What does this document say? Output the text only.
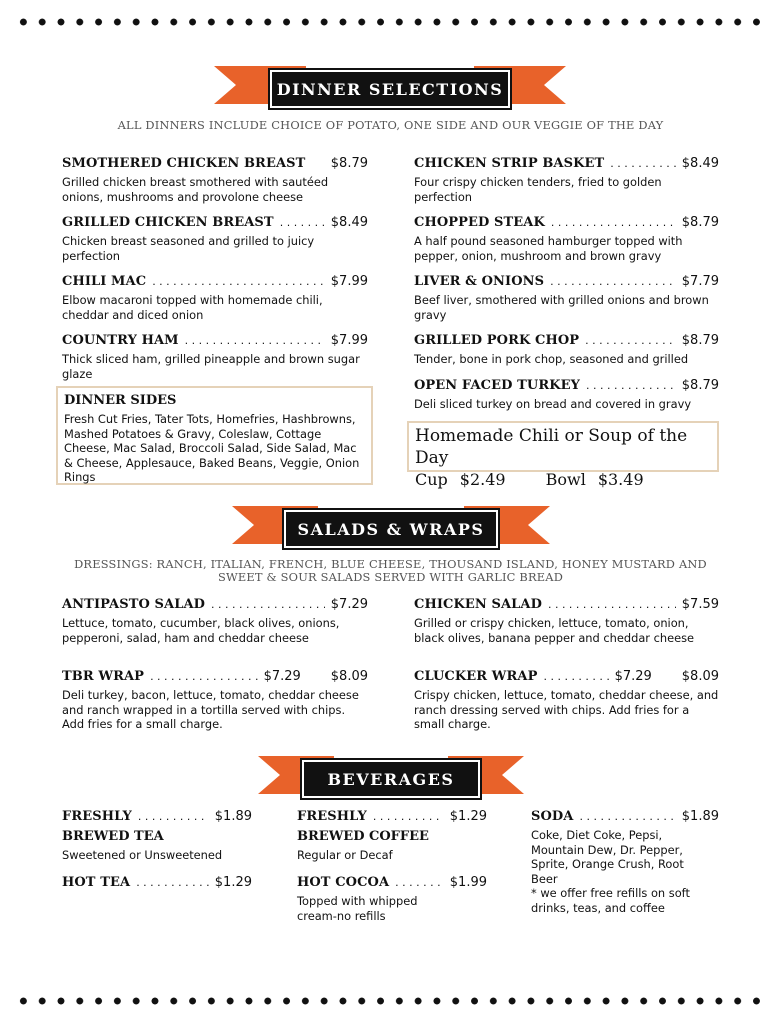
DINNER SELECTIONS
ALL DINNERS INCLUDE CHOICE OF POTATO, ONE SIDE AND OUR VEGGIE OF THE DAY
SMOTHERED CHICKEN BREAST $8.79
Grilled chicken breast smothered with sautéed onions, mushrooms and provolone cheese
GRILLED CHICKEN BREAST . . .	$8.49
Chicken breast seasoned and grilled to juicy perfection
CHILI MAC . . .	$7.99
Elbow macaroni topped with homemade chili, cheddar and diced onion
COUNTRY HAM . . .	$7.99
Thick sliced ham, grilled pineapple and brown sugar glaze
DINNER SIDES
Fresh Cut Fries, Tater Tots, Homefries, Hashbrowns, Mashed Potatoes & Gravy, Coleslaw, Cottage Cheese, Mac Salad, Broccoli Salad, Side Salad, Mac & Cheese, Applesauce, Baked Beans, Veggie, Onion Rings
CHICKEN STRIP BASKET . . .	$8.49
Four crispy chicken tenders, fried to golden perfection
CHOPPED STEAK . . .	$8.79
A half pound seasoned hamburger topped with pepper, onion, mushroom and brown gravy
LIVER & ONIONS . . .	$7.79
Beef liver, smothered with grilled onions and brown gravy
GRILLED PORK CHOP . . .	$8.79
Tender, bone in pork chop, seasoned and grilled
OPEN FACED TURKEY . . .	$8.79
Deli sliced turkey on bread and covered in gravy
Homemade Chili or Soup of the Day
Cup $2.49	Bowl $3.49
SALADS & WRAPS
DRESSINGS: RANCH, ITALIAN, FRENCH, BLUE CHEESE, THOUSAND ISLAND, HONEY MUSTARD AND SWEET & SOUR SALADS SERVED WITH GARLIC BREAD
ANTIPASTO SALAD . . .	$7.29
Lettuce, tomato, cucumber, black olives, onions, pepperoni, salad, ham and cheddar cheese
TBR WRAP . . .	$7.29 $8.09
Deli turkey, bacon, lettuce, tomato, cheddar cheese and ranch wrapped in a tortilla served with chips. Add fries for a small charge.
CHICKEN SALAD . . .	$7.59
Grilled or crispy chicken, lettuce, tomato, onion, black olives, banana pepper and cheddar cheese
CLUCKER WRAP . . .	$7.29 $8.09
Crispy chicken, lettuce, tomato, cheddar cheese, and ranch dressing served with chips. Add fries for a small charge.
BEVERAGES
FRESHLY . . .	$1.89
BREWED TEA
Sweetened or Unsweetened
HOT TEA . . .	$1.29
FRESHLY . . .	$1.29
BREWED COFFEE
Regular or Decaf
HOT COCOA . . .	$1.99
Topped with whipped cream-no refills
SODA . . .	$1.89
Coke, Diet Coke, Pepsi, Mountain Dew, Dr. Pepper, Sprite, Orange Crush, Root Beer
* we offer free refills on soft drinks, teas, and coffee
